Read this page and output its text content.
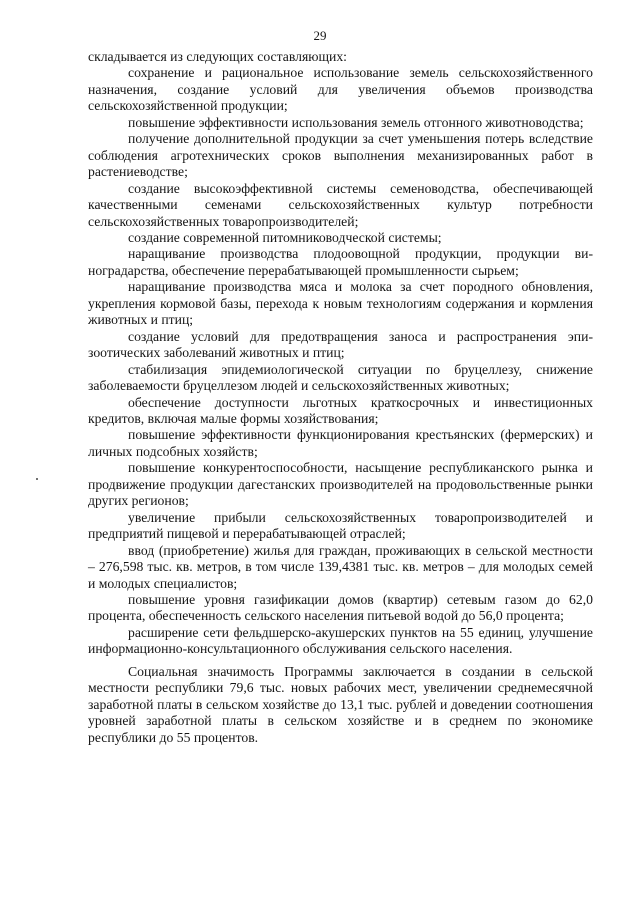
29

складывается из следующих составляющих:

сохранение и рациональное использование земель сельскохозяйственного назначения, создание условий для увеличения объемов производства сельскохозяйственной продукции;

повышение эффективности использования земель отгонного животноводства;

получение дополнительной продукции за счет уменьшения потерь вследствие соблюдения агротехнических сроков выполнения механизированных работ в растениеводстве;

создание высокоэффективной системы семеноводства, обеспечивающей качественными семенами сельскохозяйственных культур потребности сельскохозяйственных товаропроизводителей;

создание современной питомниководческой системы;

наращивание производства плодоовощной продукции, продукции виноградарства, обеспечение перерабатывающей промышленности сырьем;

наращивание производства мяса и молока за счет породного обновления, укрепления кормовой базы, перехода к новым технологиям содержания и кормления животных и птиц;

создание условий для предотвращения заноса и распространения эпизоотических заболеваний животных и птиц;

стабилизация эпидемиологической ситуации по бруцеллезу, снижение заболеваемости бруцеллезом людей и сельскохозяйственных животных;

обеспечение доступности льготных краткосрочных и инвестиционных кредитов, включая малые формы хозяйствования;

повышение эффективности функционирования крестьянских (фермерских) и личных подсобных хозяйств;

повышение конкурентоспособности, насыщение республиканского рынка и продвижение продукции дагестанских производителей на продовольственные рынки других регионов;

увеличение прибыли сельскохозяйственных товаропроизводителей и предприятий пищевой и перерабатывающей отраслей;

ввод (приобретение) жилья для граждан, проживающих в сельской местности – 276,598 тыс. кв. метров, в том числе 139,4381 тыс. кв. метров – для молодых семей и молодых специалистов;

повышение уровня газификации домов (квартир) сетевым газом до 62,0 процента, обеспеченность сельского населения питьевой водой до 56,0 процента;

расширение сети фельдшерско-акушерских пунктов на 55 единиц, улучшение информационно-консультационного обслуживания сельского населения.

Социальная значимость Программы заключается в создании в сельской местности республики 79,6 тыс. новых рабочих мест, увеличении среднемесячной заработной платы в сельском хозяйстве до 13,1 тыс. рублей и доведении соотношения уровней заработной платы в сельском хозяйстве и в среднем по экономике республики до 55 процентов.
